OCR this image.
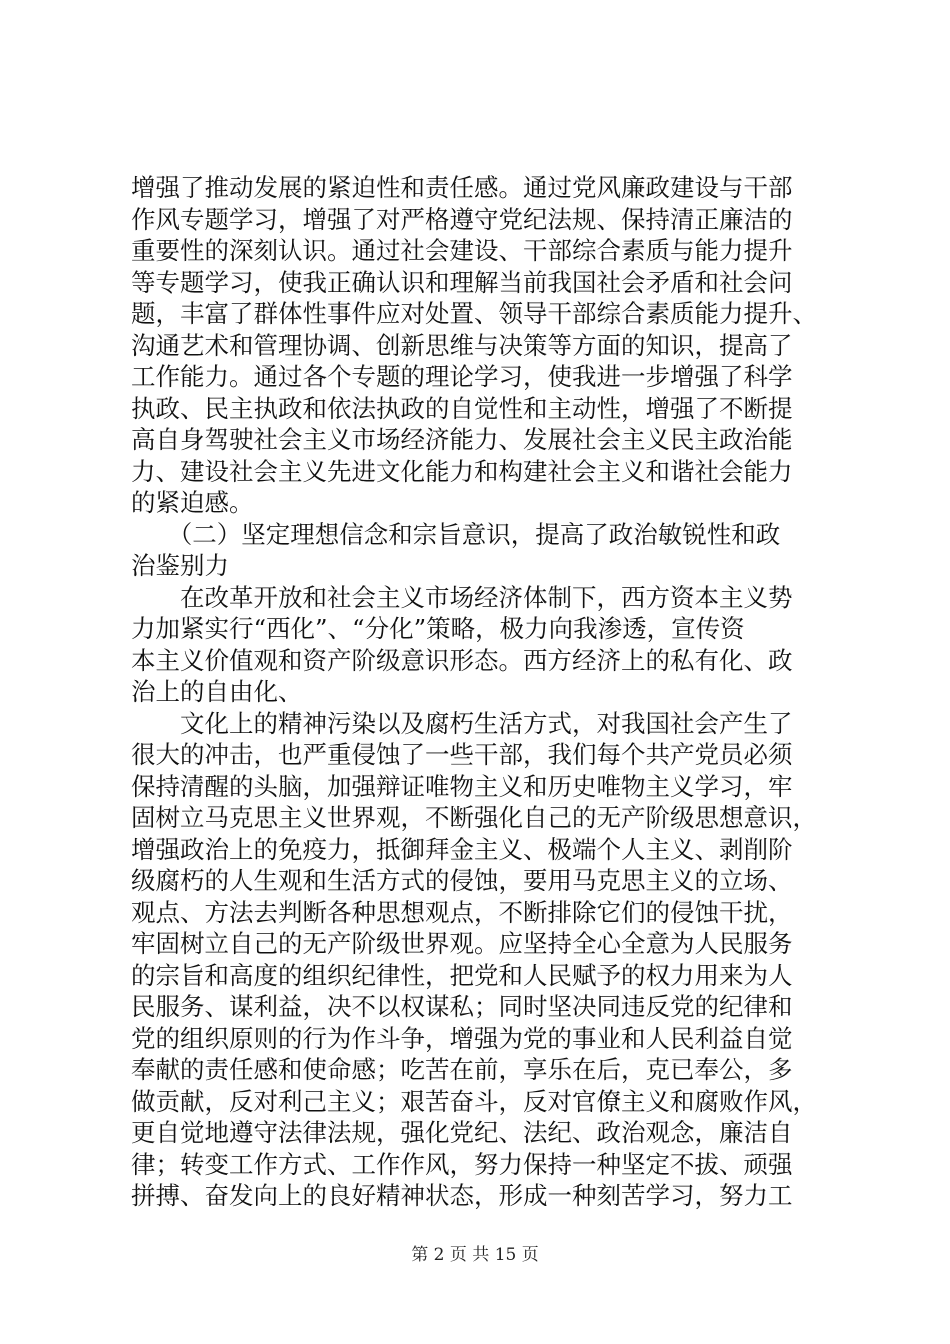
增强了推动发展的紧迫性和责任感。通过党风廉政建设与干部
作风专题学习，增强了对严格遵守党纪法规、保持清正廉洁的
重要性的深刻认识。通过社会建设、干部综合素质与能力提升
等专题学习，使我正确认识和理解当前我国社会矛盾和社会问
题，丰富了群体性事件应对处置、领导干部综合素质能力提升、
沟通艺术和管理协调、创新思维与决策等方面的知识，提高了
工作能力。通过各个专题的理论学习，使我进一步增强了科学
执政、民主执政和依法执政的自觉性和主动性，增强了不断提
高自身驾驶社会主义市场经济能力、发展社会主义民主政治能
力、建设社会主义先进文化能力和构建社会主义和谐社会能力
的紧迫感。
　　（二）坚定理想信念和宗旨意识，提高了政治敏锐性和政
治鉴别力
　　在改革开放和社会主义市场经济体制下，西方资本主义势
力加紧实行“西化”、“分化”策略，极力向我渗透，宣传资
本主义价值观和资产阶级意识形态。西方经济上的私有化、政
治上的自由化、
　　文化上的精神污染以及腐朽生活方式，对我国社会产生了
很大的冲击，也严重侵蚀了一些干部，我们每个共产党员必须
保持清醒的头脑，加强辩证唯物主义和历史唯物主义学习，牢
固树立马克思主义世界观，不断强化自己的无产阶级思想意识，
增强政治上的免疫力，抵御拜金主义、极端个人主义、剥削阶
级腐朽的人生观和生活方式的侵蚀，要用马克思主义的立场、
观点、方法去判断各种思想观点，不断排除它们的侵蚀干扰，
牢固树立自己的无产阶级世界观。应坚持全心全意为人民服务
的宗旨和高度的组织纪律性，把党和人民赋予的权力用来为人
民服务、谋利益，决不以权谋私；同时坚决同违反党的纪律和
党的组织原则的行为作斗争，增强为党的事业和人民利益自觉
奉献的责任感和使命感；吃苦在前，享乐在后，克已奉公，多
做贡献，反对利己主义；艰苦奋斗，反对官僚主义和腐败作风，
更自觉地遵守法律法规，强化党纪、法纪、政治观念，廉洁自
律；转变工作方式、工作作风，努力保持一种坚定不拔、顽强
拼搏、奋发向上的良好精神状态，形成一种刻苦学习，努力工
第 2 页 共 15 页
